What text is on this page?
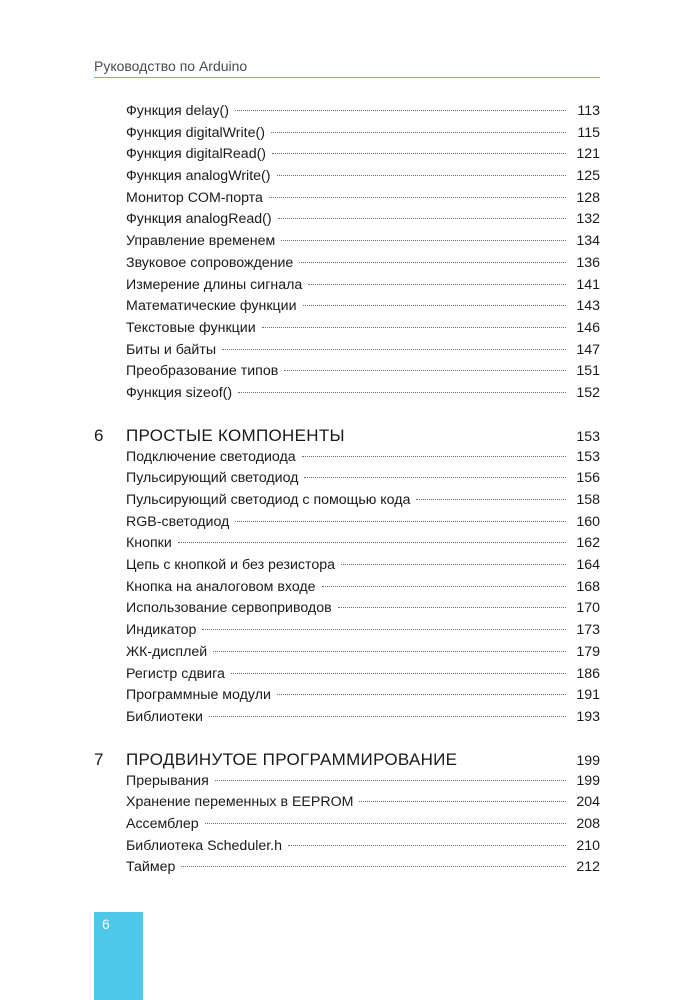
Руководство по Arduino
Функция delay()	113
Функция digitalWrite()	115
Функция digitalRead()	121
Функция analogWrite()	125
Монитор COM-порта	128
Функция analogRead()	132
Управление временем	134
Звуковое сопровождение	136
Измерение длины сигнала	141
Математические функции	143
Текстовые функции	146
Биты и байты	147
Преобразование типов	151
Функция sizeof()	152
6	ПРОСТЫЕ КОМПОНЕНТЫ	153
Подключение светодиода	153
Пульсирующий светодиод	156
Пульсирующий светодиод с помощью кода	158
RGB-светодиод	160
Кнопки	162
Цепь с кнопкой и без резистора	164
Кнопка на аналоговом входе	168
Использование сервоприводов	170
Индикатор	173
ЖК-дисплей	179
Регистр сдвига	186
Программные модули	191
Библиотеки	193
7	ПРОДВИНУТОЕ ПРОГРАММИРОВАНИЕ	199
Прерывания	199
Хранение переменных в EEPROM	204
Ассемблер	208
Библиотека Scheduler.h	210
Таймер	212
6
